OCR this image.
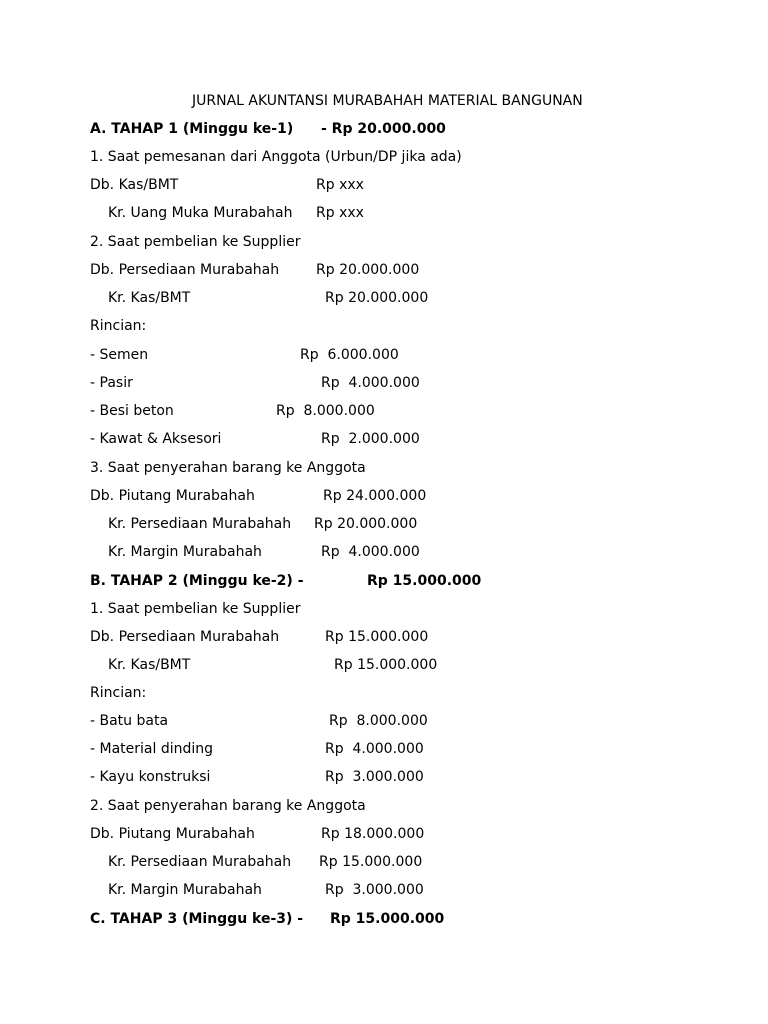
JURNAL AKUNTANSI MURABAHAH MATERIAL BANGUNAN
A. TAHAP 1 (Minggu ke-1) - Rp 20.000.000
1. Saat pemesanan dari Anggota (Urbun/DP jika ada)
Db. Kas/BMT	Rp xxx
Kr. Uang Muka Murabahah Rp xxx
2. Saat pembelian ke Supplier
Db. Persediaan Murabahah	Rp 20.000.000
Kr. Kas/BMT	Rp 20.000.000
Rincian:
- Semen	Rp  6.000.000
- Pasir	Rp  4.000.000
- Besi beton	Rp  8.000.000
- Kawat & Aksesori	Rp  2.000.000
3. Saat penyerahan barang ke Anggota
Db. Piutang Murabahah	Rp 24.000.000
Kr. Persediaan Murabahah Rp 20.000.000
Kr. Margin Murabahah	Rp  4.000.000
B. TAHAP 2 (Minggu ke-2) -	Rp 15.000.000
1. Saat pembelian ke Supplier
Db. Persediaan Murabahah	Rp 15.000.000
Kr. Kas/BMT	Rp 15.000.000
Rincian:
- Batu bata	Rp  8.000.000
- Material dinding	Rp  4.000.000
- Kayu konstruksi	Rp  3.000.000
2. Saat penyerahan barang ke Anggota
Db. Piutang Murabahah	Rp 18.000.000
Kr. Persediaan Murabahah Rp 15.000.000
Kr. Margin Murabahah	Rp  3.000.000
C. TAHAP 3 (Minggu ke-3) - Rp 15.000.000
